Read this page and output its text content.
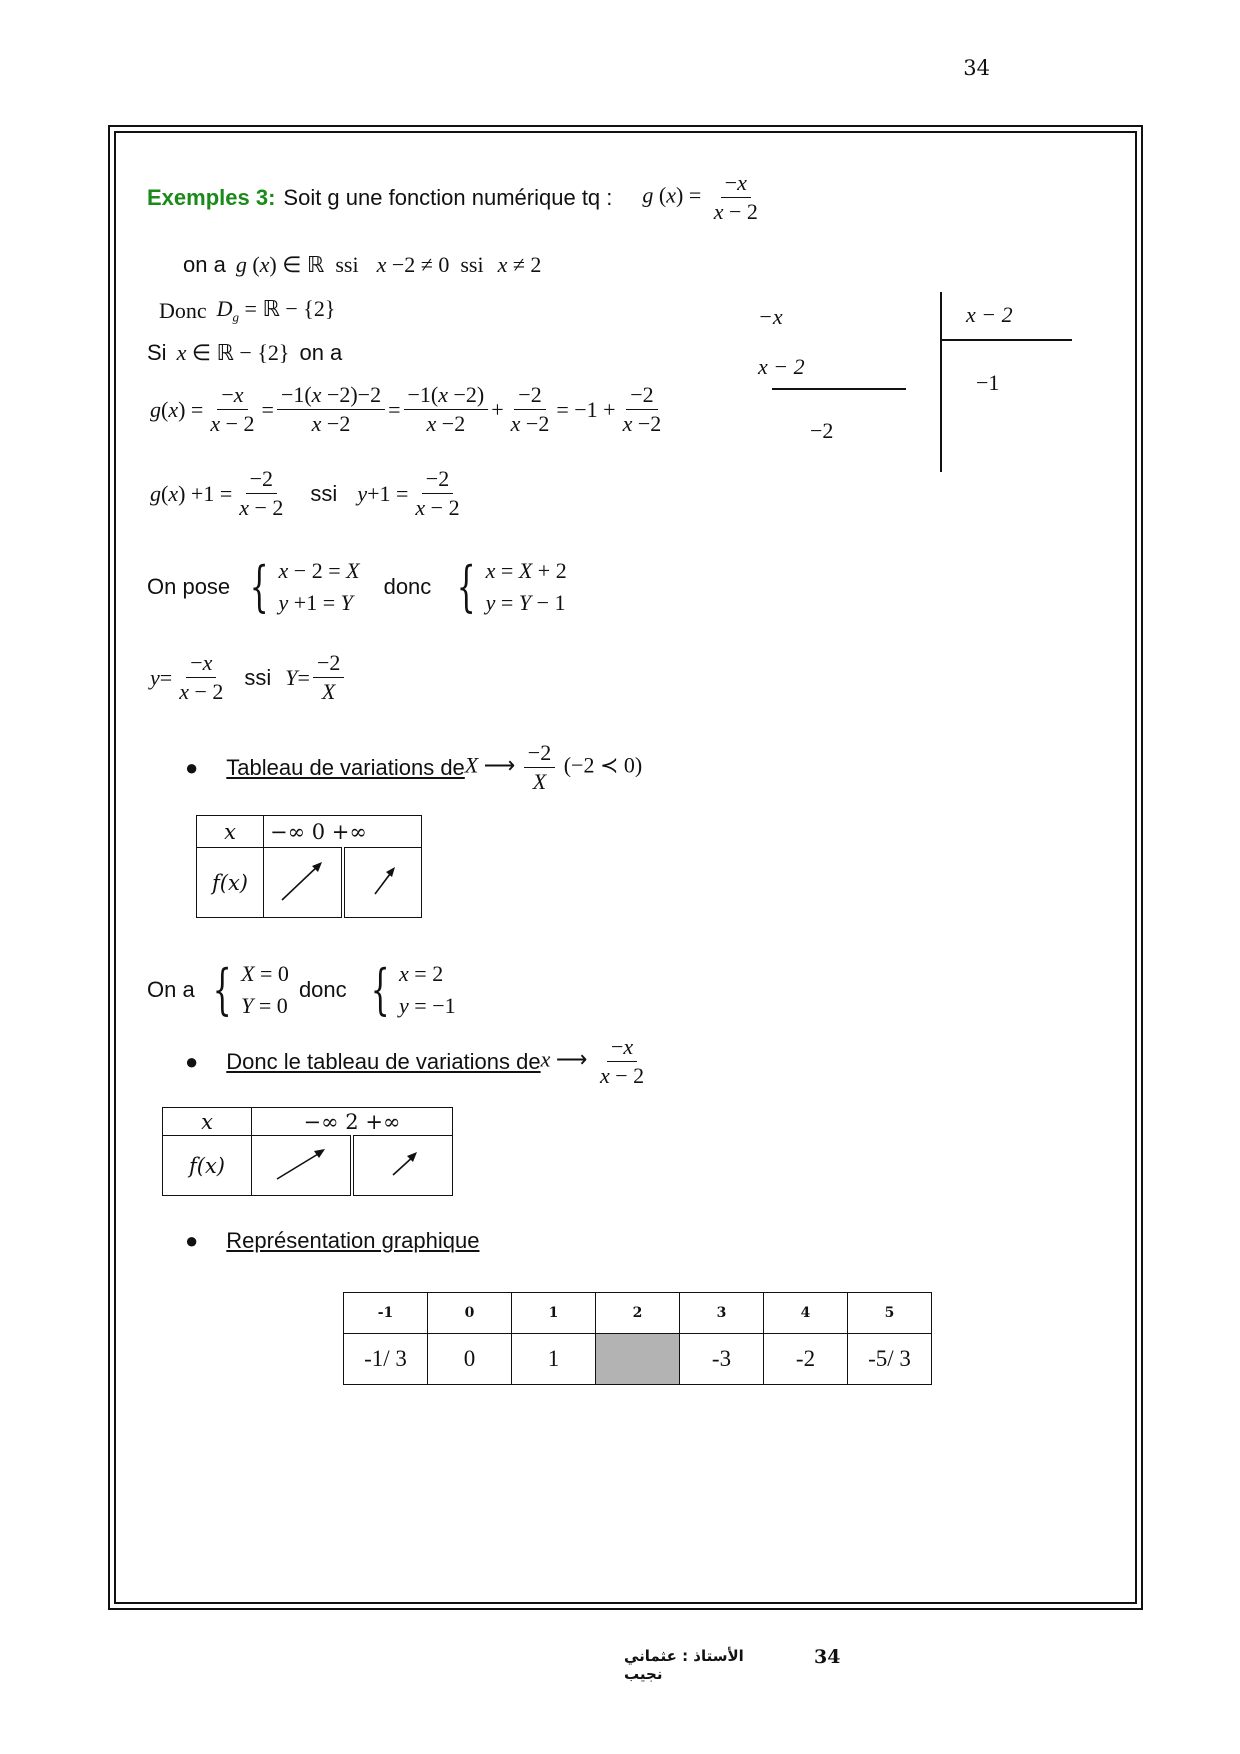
34
Exemples 3: Soit g une fonction numérique tq : g $(x) = \frac{-x}{x - 2}$
on a g (x) ∈ ℝ ssi x −2 ≠ 0 ssi x ≠ 2
Donc $D_g$ = ℝ − {2}
Si x ∈ ℝ − {2} on a
g ( x ) = $\frac{-x}{x - 2} = \frac{-1(x -2)-2}{x -2} = \frac{-1(x -2)}{x -2} + \frac{-2}{x -2} = -1 + \frac{-2}{x -2}$
−x	x − 2
x − 2
−1
−2
g ( x ) $+1 = \frac{-2}{x - 2}$ ssi $y +1 = \frac{-2}{x - 2}$
On pose { x − 2 = X
y +1 = Y
donc { x = X + 2
y = Y − 1
$y = \frac{-x}{x - 2}$ ssi $Y = \frac{-2}{X}$
● Tableau de variations de X ⟶ $\frac{-2}{X} (-2$ ≺ 0)
x	−∞ 0 +∞	
f(x)		
On a { X = 0
Y = 0
donc { x = 2
y = −1
● Donc le tableau de variations de x ⟶ $\frac{-x}{x - 2}$
x	−∞ 2 +∞	
f(x)		
● Représentation graphique
-1	0	1	2	3	4	5
-1/ 3	0	1		-3	-2	-5/ 3
34
الأستاذ : عثماني نجيب
